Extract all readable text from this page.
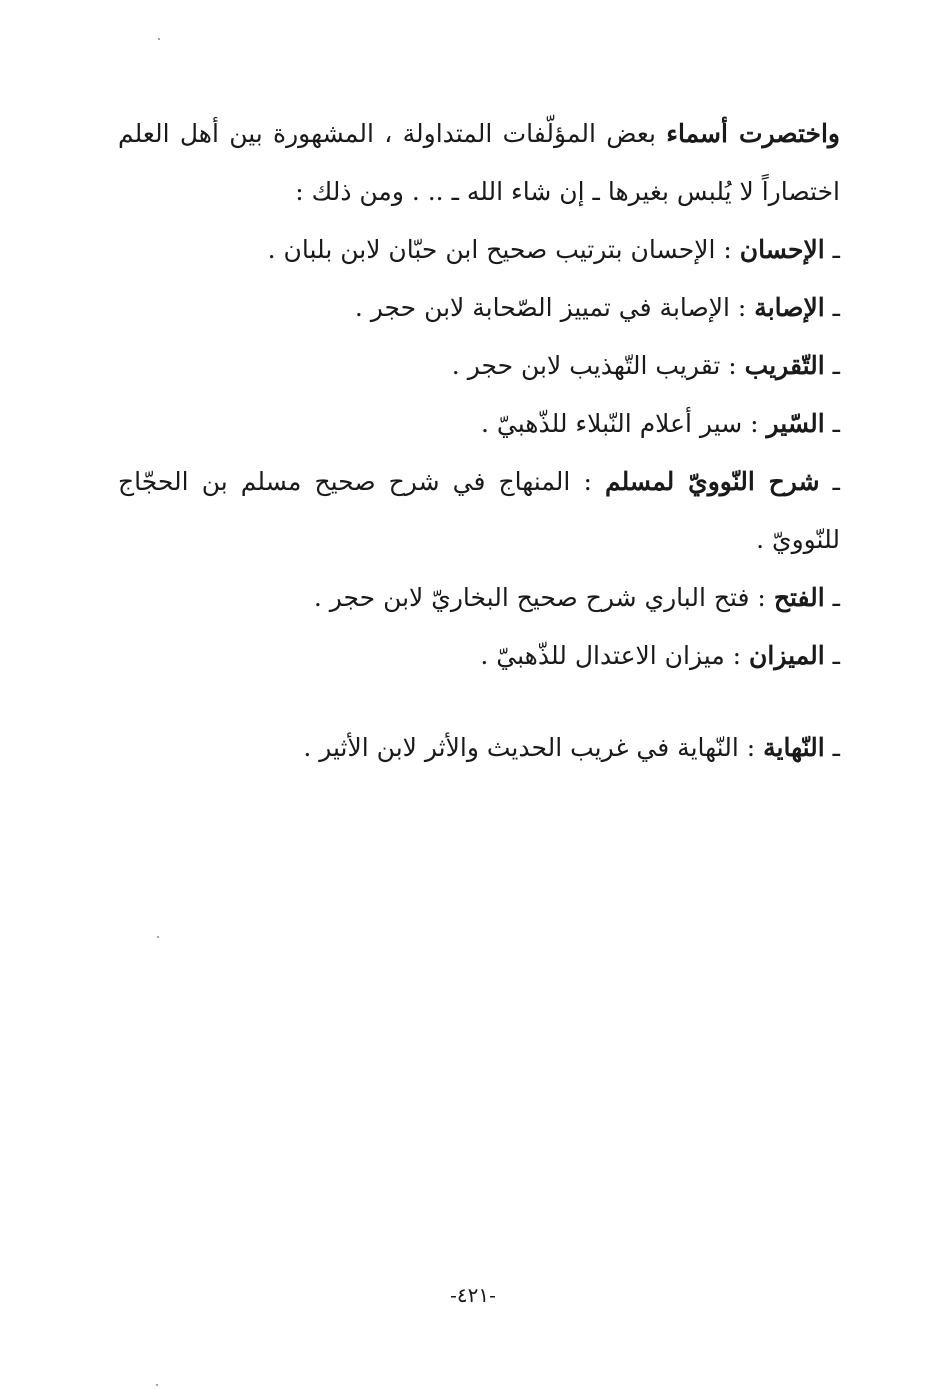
واختصرت أسماء بعض المؤلّفات المتداولة ، المشهورة بين أهل العلم اختصاراً لا يُلبس بغيرها ـ إن شاء الله ـ .. . ومن ذلك :

ـ الإحسان : الإحسان بترتيب صحيح ابن حبّان لابن بلبان .
ـ الإصابة : الإصابة في تمييز الصّحابة لابن حجر .
ـ التّقريب : تقريب التّهذيب لابن حجر .
ـ السّير : سير أعلام النّبلاء للذّهبيّ .
ـ شرح النّوويّ لمسلم : المنهاج في شرح صحيح مسلم بن الحجّاج للنّوويّ .
ـ الفتح : فتح الباري شرح صحيح البخاريّ لابن حجر .
ـ الميزان : ميزان الاعتدال للذّهبيّ .
ـ النّهاية : النّهاية في غريب الحديث والأثر لابن الأثير .
-٤٢١-
